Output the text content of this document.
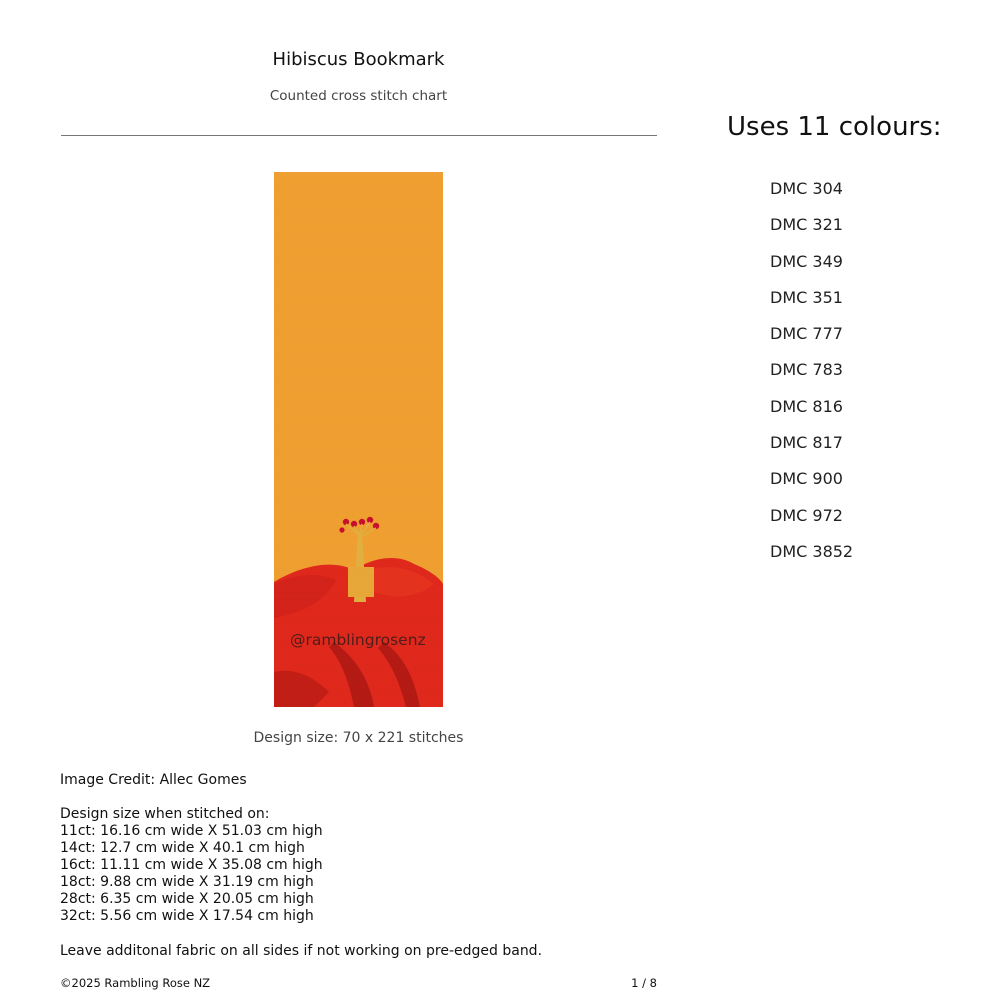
Hibiscus Bookmark
Counted cross stitch chart
Uses 11 colours:
DMC 304
DMC 321
DMC 349
DMC 351
DMC 777
DMC 783
DMC 816
DMC 817
DMC 900
DMC 972
DMC 3852
@ramblingrosenz
Design size: 70 x 221 stitches
Image Credit: Allec Gomes
Design size when stitched on:
11ct: 16.16 cm wide X 51.03 cm high
14ct: 12.7 cm wide X 40.1 cm high
16ct: 11.11 cm wide X 35.08 cm high
18ct: 9.88 cm wide X 31.19 cm high
28ct: 6.35 cm wide X 20.05 cm high
32ct: 5.56 cm wide X 17.54 cm high
Leave additonal fabric on all sides if not working on pre-edged band.
©2025 Rambling Rose NZ	1 / 8
